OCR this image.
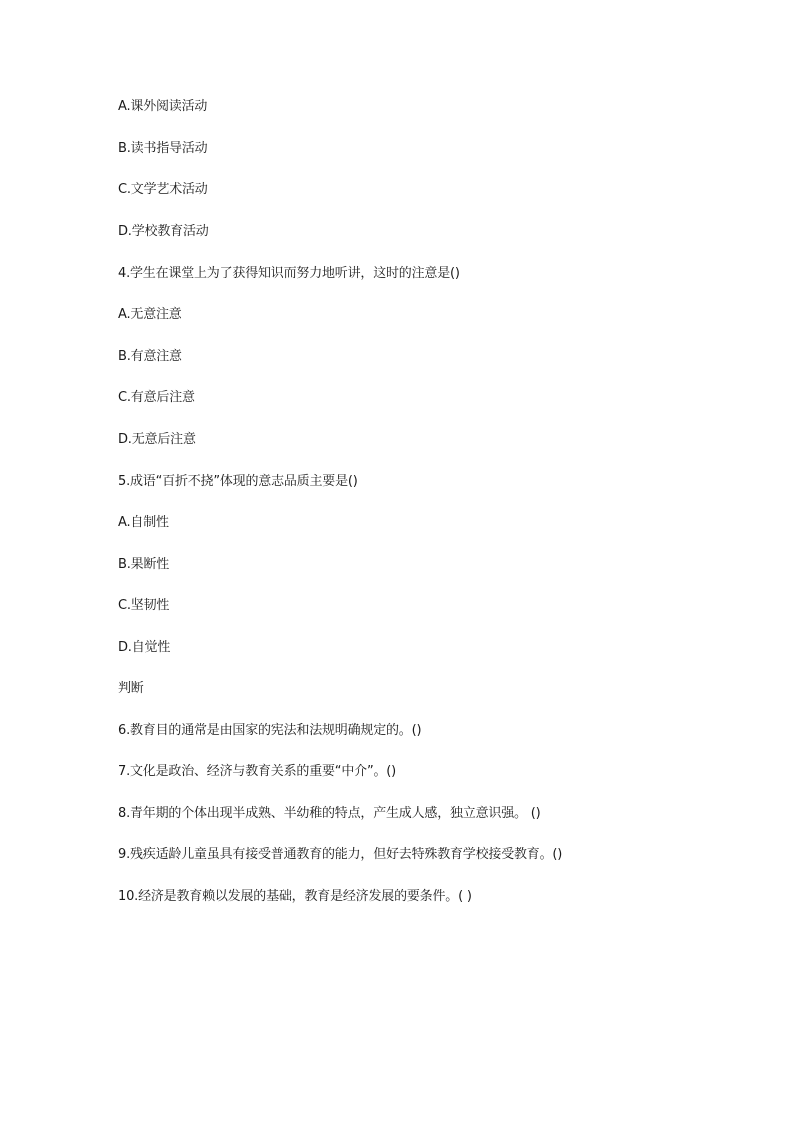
A.课外阅读活动

B.读书指导活动

C.文学艺术活动

D.学校教育活动

4.学生在课堂上为了获得知识而努力地听讲，这时的注意是()

A.无意注意

B.有意注意

C.有意后注意

D.无意后注意

5.成语“百折不挠”体现的意志品质主要是()

A.自制性

B.果断性

C.坚韧性

D.自觉性

判断

6.教育目的通常是由国家的宪法和法规明确规定的。()

7.文化是政治、经济与教育关系的重要“中介”。()

8.青年期的个体出现半成熟、半幼稚的特点，产生成人感，独立意识强。 ()

9.残疾适龄儿童虽具有接受普通教育的能力，但好去特殊教育学校接受教育。()

10.经济是教育赖以发展的基础，教育是经济发展的要条件。( )
